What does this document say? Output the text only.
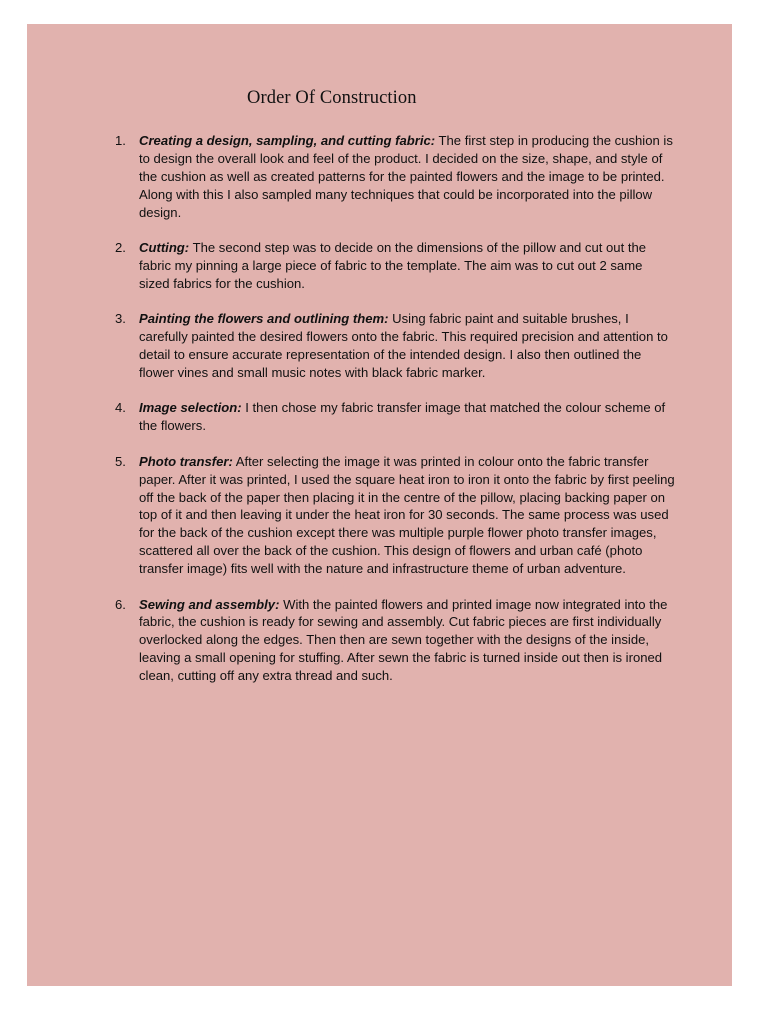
Order Of Construction
1. Creating a design, sampling, and cutting fabric: The first step in producing the cushion is to design the overall look and feel of the product. I decided on the size, shape, and style of the cushion as well as created patterns for the painted flowers and the image to be printed. Along with this I also sampled many techniques that could be incorporated into the pillow design.
2. Cutting: The second step was to decide on the dimensions of the pillow and cut out the fabric my pinning a large piece of fabric to the template. The aim was to cut out 2 same sized fabrics for the cushion.
3. Painting the flowers and outlining them: Using fabric paint and suitable brushes, I carefully painted the desired flowers onto the fabric. This required precision and attention to detail to ensure accurate representation of the intended design. I also then outlined the flower vines and small music notes with black fabric marker.
4. Image selection: I then chose my fabric transfer image that matched the colour scheme of the flowers.
5. Photo transfer: After selecting the image it was printed in colour onto the fabric transfer paper. After it was printed, I used the square heat iron to iron it onto the fabric by first peeling off the back of the paper then placing it in the centre of the pillow, placing backing paper on top of it and then leaving it under the heat iron for 30 seconds. The same process was used for the back of the cushion except there was multiple purple flower photo transfer images, scattered all over the back of the cushion. This design of flowers and urban café (photo transfer image) fits well with the nature and infrastructure theme of urban adventure.
6. Sewing and assembly: With the painted flowers and printed image now integrated into the fabric, the cushion is ready for sewing and assembly. Cut fabric pieces are first individually overlocked along the edges. Then then are sewn together with the designs of the inside, leaving a small opening for stuffing. After sewn the fabric is turned inside out then is ironed clean, cutting off any extra thread and such.
